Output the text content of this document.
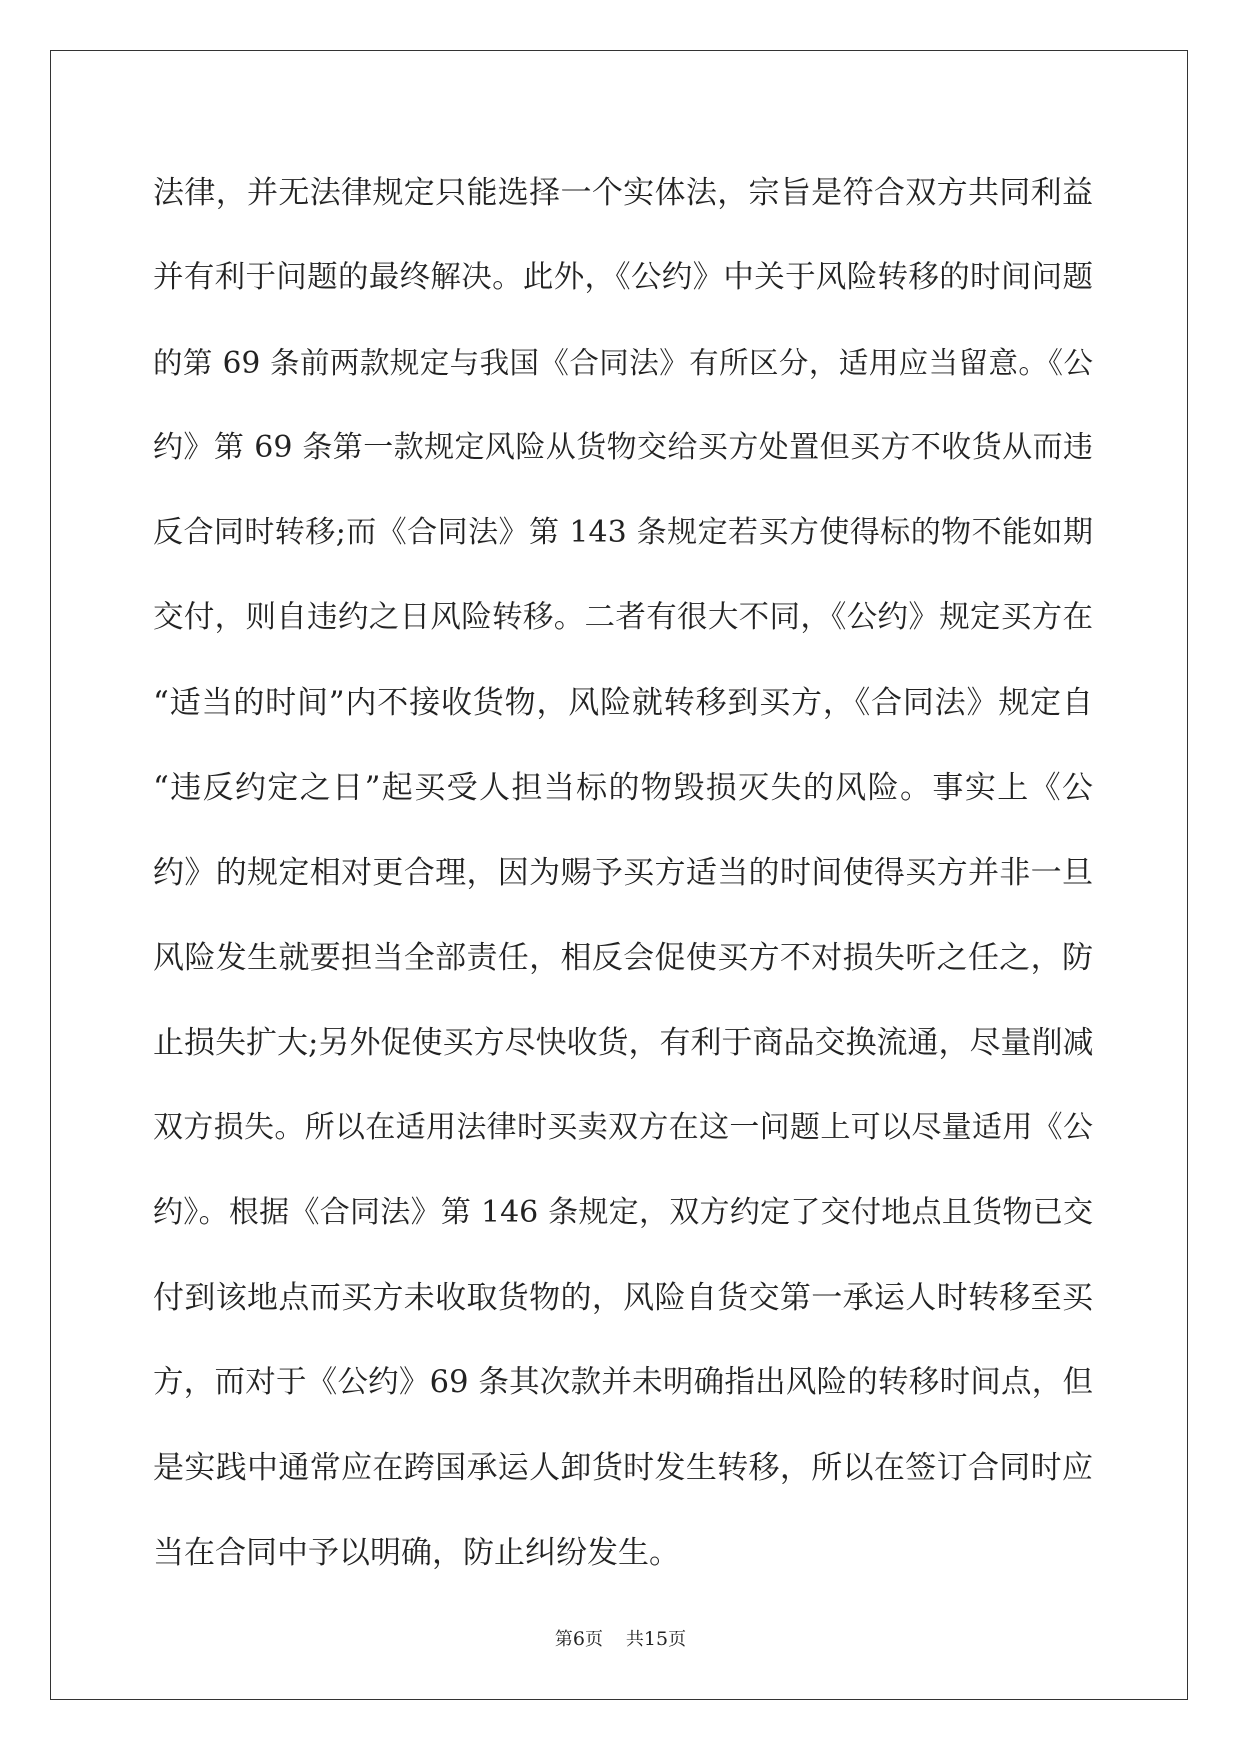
法律，并无法律规定只能选择一个实体法，宗旨是符合双方共同利益
并有利于问题的最终解决。此外，《公约》中关于风险转移的时间问题
的第 69 条前两款规定与我国《合同法》有所区分，适用应当留意。《公
约》第 69 条第一款规定风险从货物交给买方处置但买方不收货从而违
反合同时转移;而《合同法》第 143 条规定若买方使得标的物不能如期
交付，则自违约之日风险转移。二者有很大不同，《公约》规定买方在
“适当的时间”内不接收货物，风险就转移到买方，《合同法》规定自
“违反约定之日”起买受人担当标的物毁损灭失的风险。事实上《公
约》的规定相对更合理，因为赐予买方适当的时间使得买方并非一旦
风险发生就要担当全部责任，相反会促使买方不对损失听之任之，防
止损失扩大;另外促使买方尽快收货，有利于商品交换流通，尽量削减
双方损失。所以在适用法律时买卖双方在这一问题上可以尽量适用《公
约》。根据《合同法》第 146 条规定，双方约定了交付地点且货物已交
付到该地点而买方未收取货物的，风险自货交第一承运人时转移至买
方，而对于《公约》69 条其次款并未明确指出风险的转移时间点，但
是实践中通常应在跨国承运人卸货时发生转移，所以在签订合同时应
当在合同中予以明确，防止纠纷发生。
第6页 共15页
